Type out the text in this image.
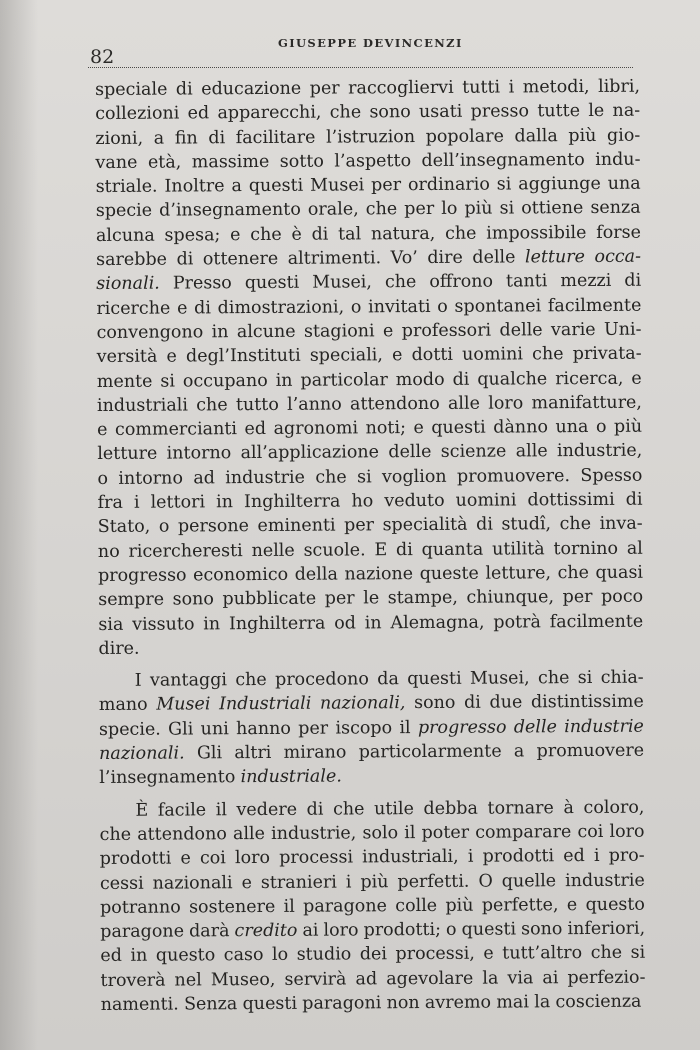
82
GIUSEPPE DEVINCENZI
speciale di educazione per raccogliervi tutti i metodi, libri,
collezioni ed apparecchi, che sono usati presso tutte le na-
zioni, a fin di facilitare l’istruzion popolare dalla più gio-
vane età, massime sotto l’aspetto dell’insegnamento indu-
striale. Inoltre a questi Musei per ordinario si aggiunge una
specie d’insegnamento orale, che per lo più si ottiene senza
alcuna spesa; e che è di tal natura, che impossibile forse
sarebbe di ottenere altrimenti. Vo’ dire delle letture occa-
sionali. Presso questi Musei, che offrono tanti mezzi di
ricerche e di dimostrazioni, o invitati o spontanei facilmente
convengono in alcune stagioni e professori delle varie Uni-
versità e degl’Instituti speciali, e dotti uomini che privata-
mente si occupano in particolar modo di qualche ricerca, e
industriali che tutto l’anno attendono alle loro manifatture,
e commercianti ed agronomi noti; e questi dànno una o più
letture intorno all’applicazione delle scienze alle industrie,
o intorno ad industrie che si voglion promuovere. Spesso
fra i lettori in Inghilterra ho veduto uomini dottissimi di
Stato, o persone eminenti per specialità di studî, che inva-
no ricercheresti nelle scuole. E di quanta utilità tornino al
progresso economico della nazione queste letture, che quasi
sempre sono pubblicate per le stampe, chiunque, per poco
sia vissuto in Inghilterra od in Alemagna, potrà facilmente
dire.
I vantaggi che procedono da questi Musei, che si chia-
mano Musei Industriali nazionali, sono di due distintissime
specie. Gli uni hanno per iscopo il progresso delle industrie
nazionali. Gli altri mirano particolarmente a promuovere
l’insegnamento industriale.
È facile il vedere di che utile debba tornare à coloro,
che attendono alle industrie, solo il poter comparare coi loro
prodotti e coi loro processi industriali, i prodotti ed i pro-
cessi nazionali e stranieri i più perfetti. O quelle industrie
potranno sostenere il paragone colle più perfette, e questo
paragone darà credito ai loro prodotti; o questi sono inferiori,
ed in questo caso lo studio dei processi, e tutt’altro che si
troverà nel Museo, servirà ad agevolare la via ai perfezio-
namenti. Senza questi paragoni non avremo mai la coscienza
